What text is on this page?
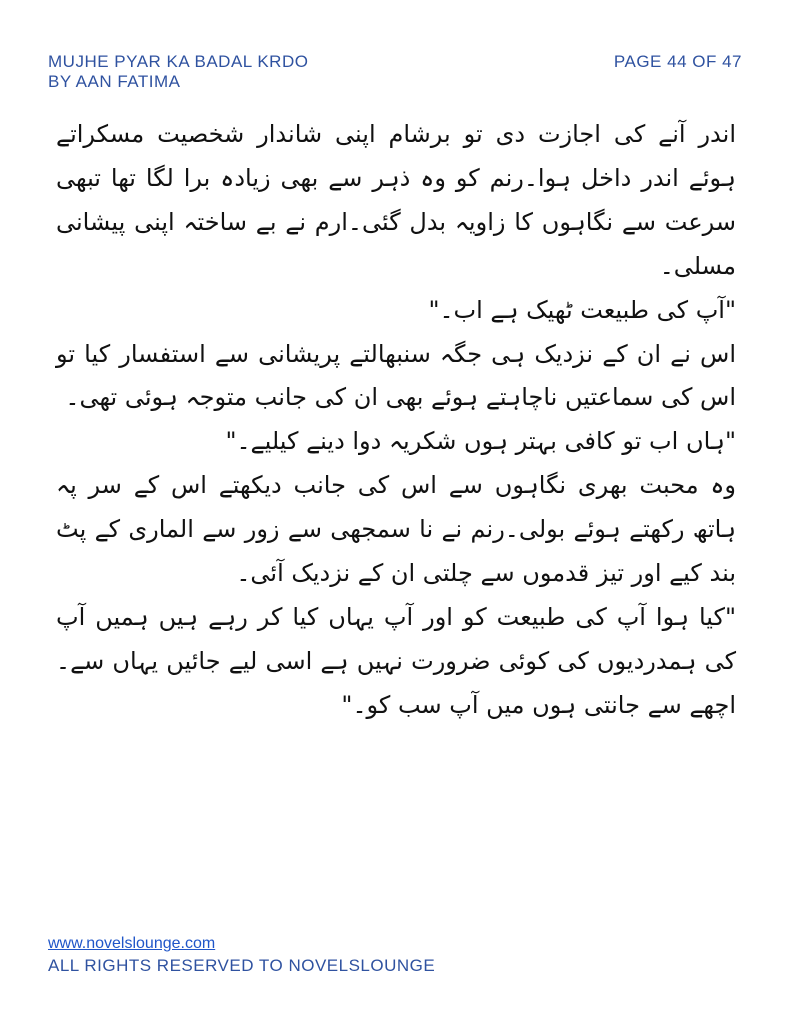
MUJHE PYAR KA BADAL KRDO
BY AAN FATIMA
PAGE 44 OF 47

اندر آنے کی اجازت دی تو برشام اپنی شاندار شخصیت مسکراتے ہوئے اندر داخل ہوا۔رنم کو وہ ذہر سے بھی زیادہ برا لگا تھا تبھی سرعت سے نگاہوں کا زاویہ بدل گئی۔ارم نے بے ساختہ اپنی پیشانی مسلی۔

"آپ کی طبیعت ٹھیک ہے اب۔"

اس نے ان کے نزدیک ہی جگہ سنبھالتے پریشانی سے استفسار کیا تو اس کی سماعتیں ناچاہتے ہوئے بھی ان کی جانب متوجہ ہوئی تھی۔

"ہاں اب تو کافی بہتر ہوں شکریہ دوا دینے کیلیے۔"

وہ محبت بھری نگاہوں سے اس کی جانب دیکھتے اس کے سر پہ ہاتھ رکھتے ہوئے بولی۔رنم نے نا سمجھی سے زور سے الماری کے پٹ بند کیے اور تیز قدموں سے چلتی ان کے نزدیک آئی۔

"کیا ہوا آپ کی طبیعت کو اور آپ یہاں کیا کر رہے ہیں ہمیں آپ کی ہمدردیوں کی کوئی ضرورت نہیں ہے اسی لیے جائیں یہاں سے۔ اچھے سے جانتی ہوں میں آپ سب کو۔"

www.novelslounge.com
ALL RIGHTS RESERVED TO NOVELSLOUNGE
